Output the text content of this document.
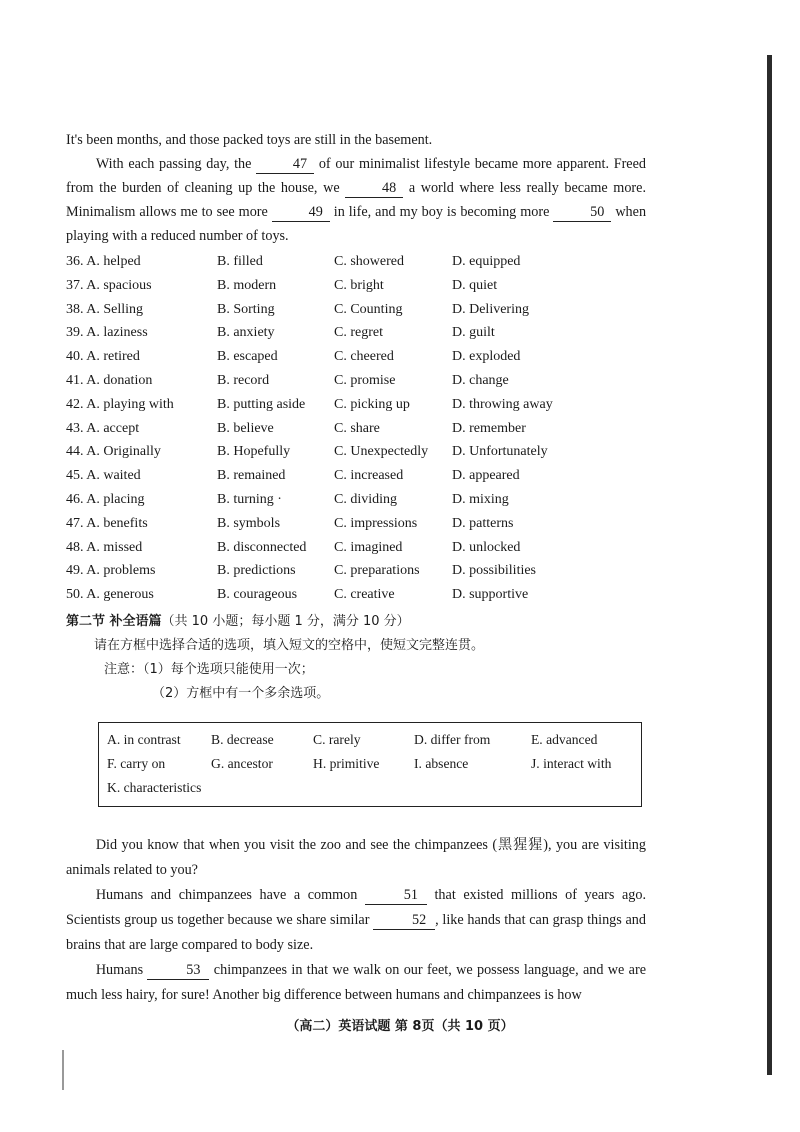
It's been months, and those packed toys are still in the basement.

With each passing day, the	47 of our minimalist lifestyle became more apparent. Freed from the burden of cleaning up the house, we	48 a world where less really became more. Minimalism allows me to see more	49 in life, and my boy is becoming more	50 when playing with a reduced number of toys.

36. A. helped	B. filled	C. showered	D. equipped
37. A. spacious	B. modern	C. bright	D. quiet
38. A. Selling	B. Sorting	C. Counting	D. Delivering
39. A. laziness	B. anxiety	C. regret	D. guilt
40. A. retired	B. escaped	C. cheered	D. exploded
41. A. donation	B. record	C. promise	D. change
42. A. playing with	B. putting aside	C. picking up	D. throwing away
43. A. accept	B. believe	C. share	D. remember
44. A. Originally	B. Hopefully	C. Unexpectedly	D. Unfortunately
45. A. waited	B. remained	C. increased	D. appeared
46. A. placing	B. turning ·	C. dividing	D. mixing
47. A. benefits	B. symbols	C. impressions	D. patterns
48. A. missed	B. disconnected	C. imagined	D. unlocked
49. A. problems	B. predictions	C. preparations	D. possibilities
50. A. generous	B. courageous	C. creative	D. supportive
第二节 补全语篇（共 10 小题；每小题 1 分，满分 10 分）
请在方框中选择合适的选项，填入短文的空格中，使短文完整连贯。
注意：（1）每个选项只能使用一次；
（2）方框中有一个多余选项。
A. in contrast	B. decrease	C. rarely	D. differ from	E. advanced
F. carry on	G. ancestor	H. primitive	I. absence	J. interact with
K. characteristics

Did you know that when you visit the zoo and see the chimpanzees (黑猩猩), you are visiting animals related to you?

Humans and chimpanzees have a common	51 that existed millions of years ago. Scientists group us together because we share similar	52 , like hands that can grasp things and brains that are large compared to body size.

Humans	53 chimpanzees in that we walk on our feet, we possess language, and we are much less hairy, for sure! Another big difference between humans and chimpanzees is how

（高二）英语试题 第 8页（共 10 页）
